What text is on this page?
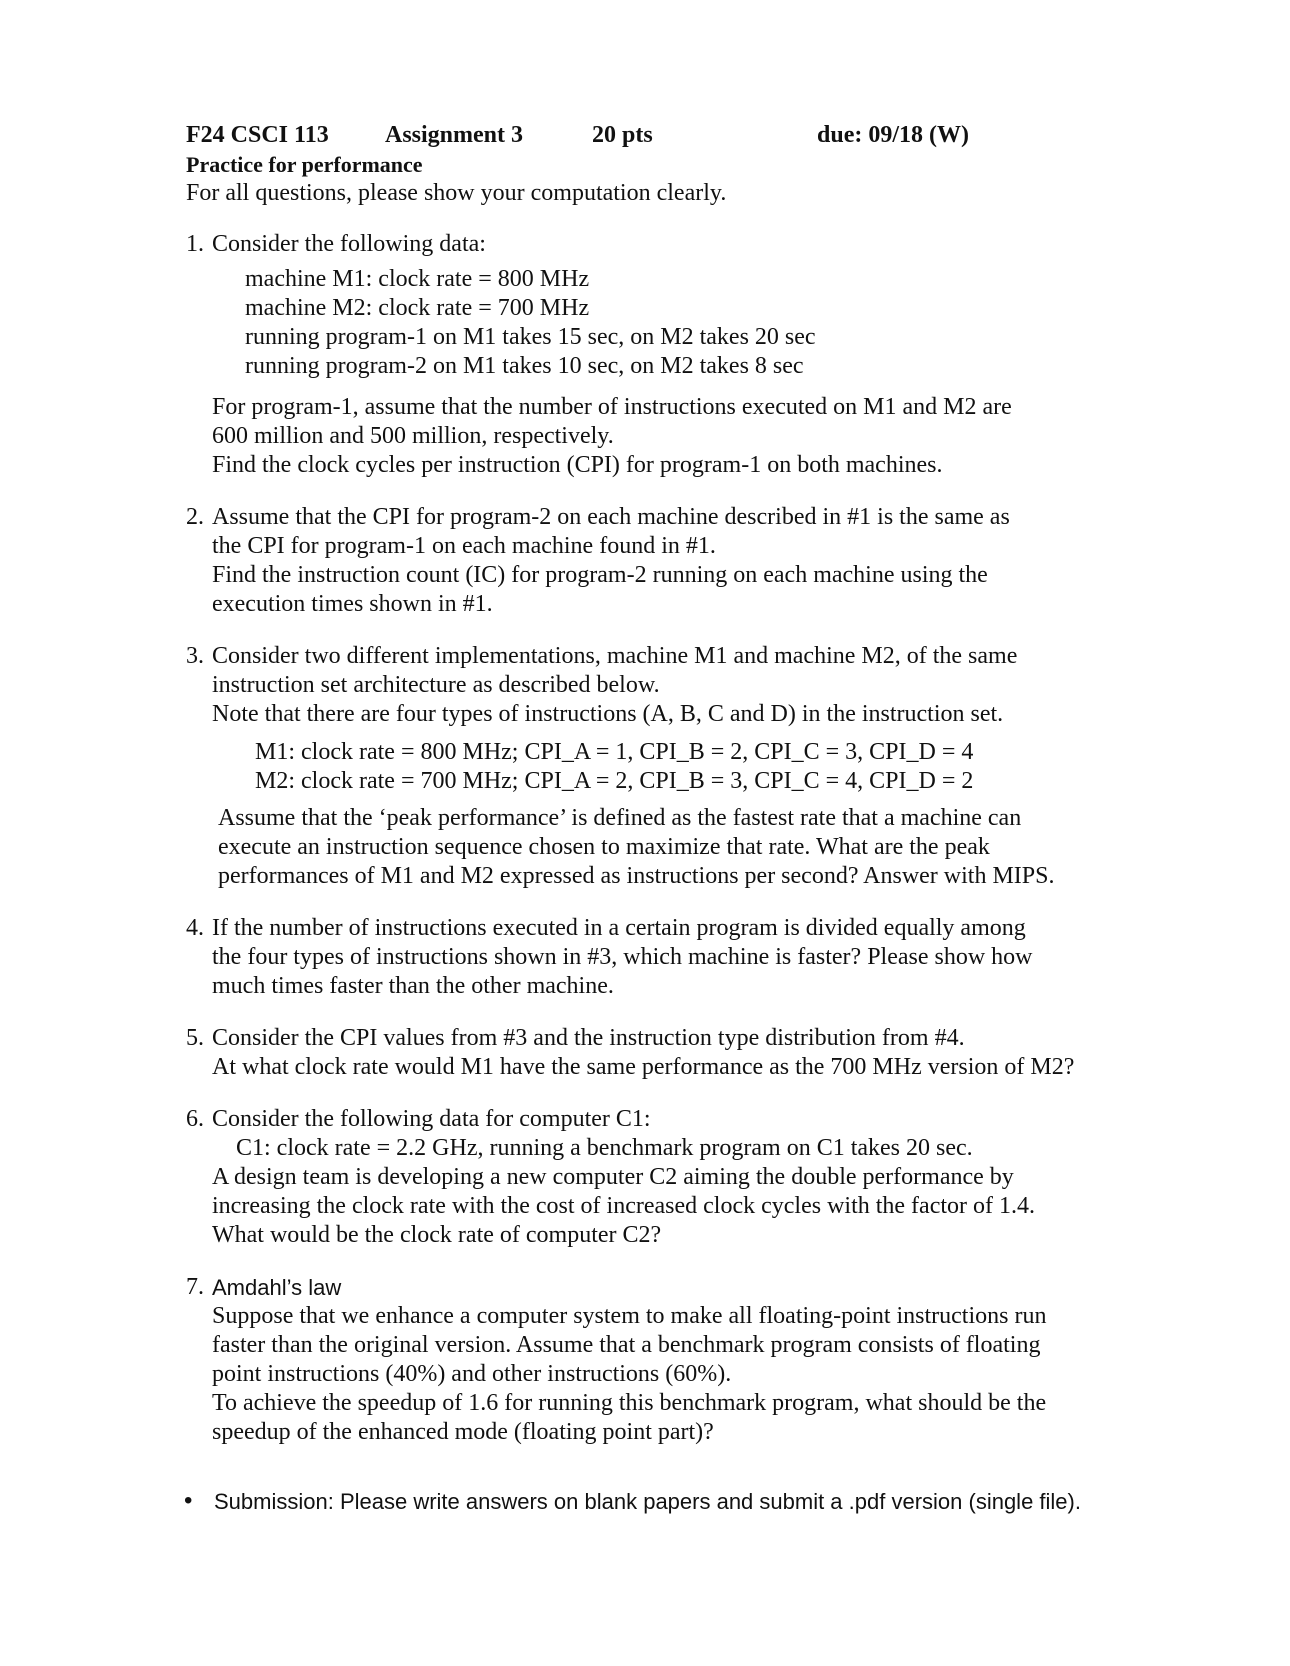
F24 CSCI 113 Assignment 3	20 pts	due: 09/18 (W)
Practice for performance
For all questions, please show your computation clearly.
1. Consider the following data:

machine M1: clock rate = 800 MHz

machine M2: clock rate = 700 MHz

running program-1 on M1 takes 15 sec, on M2 takes 20 sec

running program-2 on M1 takes 10 sec, on M2 takes 8 sec

For program-1, assume that the number of instructions executed on M1 and M2 are

600 million and 500 million, respectively.

Find the clock cycles per instruction (CPI) for program-1 on both machines.

2. Assume that the CPI for program-2 on each machine described in #1 is the same as

the CPI for program-1 on each machine found in #1.

Find the instruction count (IC) for program-2 running on each machine using the

execution times shown in #1.

3. Consider two different implementations, machine M1 and machine M2, of the same

instruction set architecture as described below.

Note that there are four types of instructions (A, B, C and D) in the instruction set.

M1: clock rate = 800 MHz; CPI_A = 1, CPI_B = 2, CPI_C = 3, CPI_D = 4

M2: clock rate = 700 MHz; CPI_A = 2, CPI_B = 3, CPI_C = 4, CPI_D = 2

Assume that the ‘peak performance’ is defined as the fastest rate that a machine can

execute an instruction sequence chosen to maximize that rate. What are the peak

performances of M1 and M2 expressed as instructions per second? Answer with MIPS.

4. If the number of instructions executed in a certain program is divided equally among

the four types of instructions shown in #3, which machine is faster? Please show how

much times faster than the other machine.

5. Consider the CPI values from #3 and the instruction type distribution from #4.

At what clock rate would M1 have the same performance as the 700 MHz version of M2?

6. Consider the following data for computer C1:

C1: clock rate = 2.2 GHz, running a benchmark program on C1 takes 20 sec.

A design team is developing a new computer C2 aiming the double performance by

increasing the clock rate with the cost of increased clock cycles with the factor of 1.4.

What would be the clock rate of computer C2?

7. Amdahl’s law

Suppose that we enhance a computer system to make all floating-point instructions run

faster than the original version. Assume that a benchmark program consists of floating

point instructions (40%) and other instructions (60%).

To achieve the speedup of 1.6 for running this benchmark program, what should be the

speedup of the enhanced mode (floating point part)?

• Submission: Please write answers on blank papers and submit a .pdf version (single file).
